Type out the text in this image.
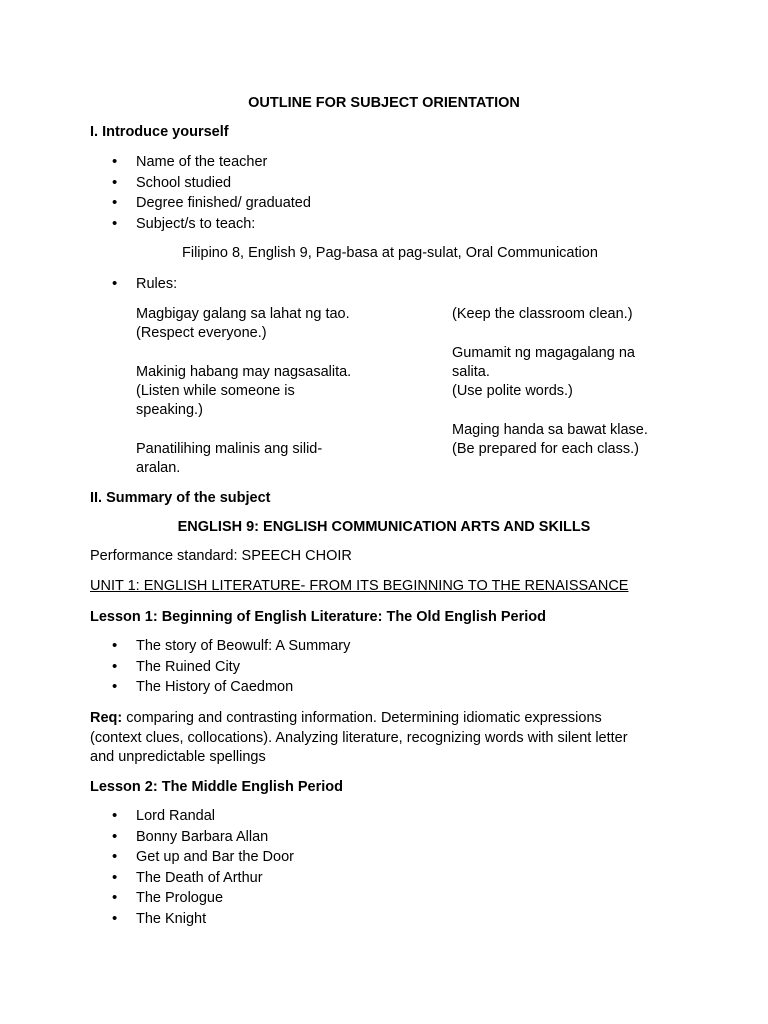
OUTLINE FOR SUBJECT ORIENTATION

I. Introduce yourself

• Name of the teacher
• School studied
• Degree finished/ graduated
• Subject/s to teach:

Filipino 8, English 9, Pag-basa at pag-sulat, Oral Communication

• Rules:

Magbigay galang sa lahat ng tao.
(Respect everyone.)

Makinig habang may nagsasalita.
(Listen while someone is speaking.)

Panatilihing malinis ang silid-aralan.

(Keep the classroom clean.)

Gumamit ng magagalang na salita.
(Use polite words.)

Maging handa sa bawat klase.
(Be prepared for each class.)

II. Summary of the subject

ENGLISH 9: ENGLISH COMMUNICATION ARTS AND SKILLS

Performance standard: SPEECH CHOIR

UNIT 1: ENGLISH LITERATURE- FROM ITS BEGINNING TO THE RENAISSANCE

Lesson 1: Beginning of English Literature: The Old English Period

• The story of Beowulf: A Summary
• The Ruined City
• The History of Caedmon
Req: comparing and contrasting information. Determining idiomatic expressions
(context clues, collocations). Analyzing literature, recognizing words with silent letter
and unpredictable spellings

Lesson 2: The Middle English Period

• Lord Randal
• Bonny Barbara Allan
• Get up and Bar the Door
• The Death of Arthur
• The Prologue
• The Knight
